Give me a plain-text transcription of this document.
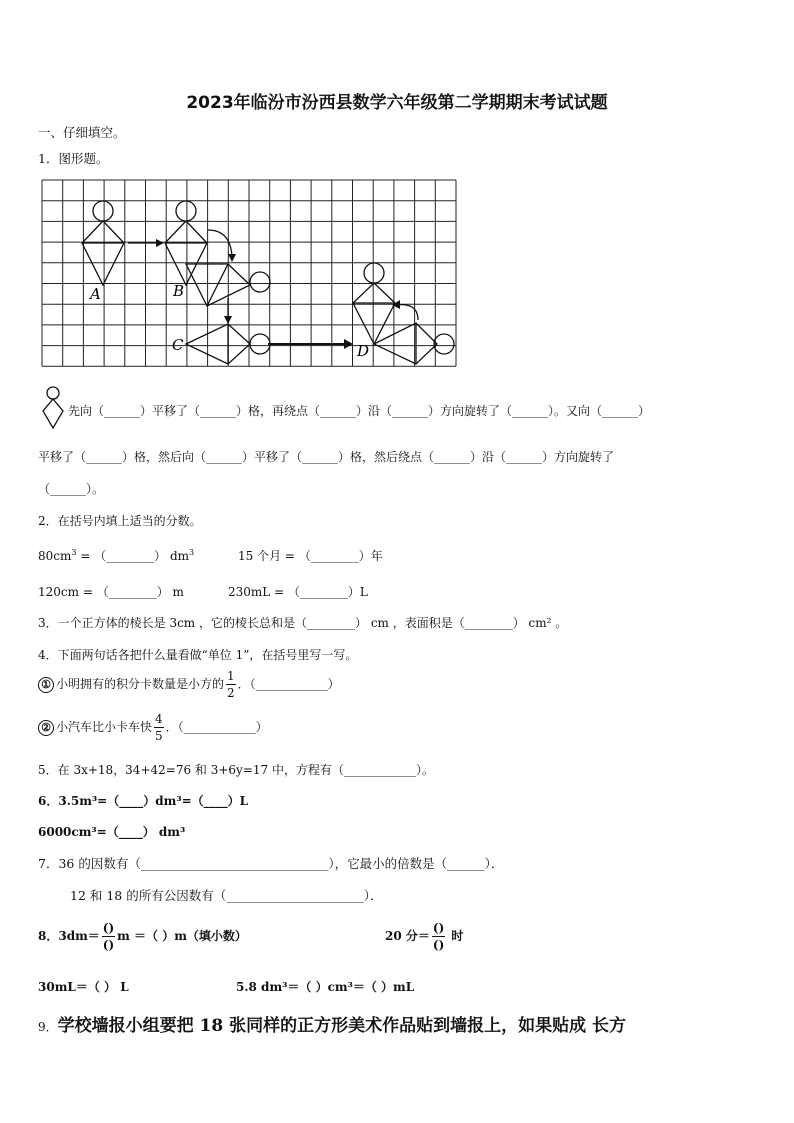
2023年临汾市汾西县数学六年级第二学期期末考试试题
一、仔细填空。
1．图形题。
A	B
C	D
先向（______）平移了（______）格，再绕点（______）沿（______）方向旋转了（______）。又向（______）
平移了（______）格，然后向（______）平移了（______）格，然后绕点（______）沿（______）方向旋转了
（______）。
2．在括号内填上适当的分数。
$80cm^3$ = （________） $dm^3$	15 个月 = （________）年
120cm = （________） m	230mL = （________）L
3．一个正方体的棱长是 3cm ，它的棱长总和是（________） cm ，表面积是（________） cm² 。
4．下面两句话各把什么量看做“单位 1”，在括号里写一写。
① 小明拥有的积分卡数量是小方的 $\frac{1}{2}$ ．（____________）
② 小汽车比小卡车快 $\frac{4}{5}$ ．（____________）
5．在 3x+18，34+42=76 和 3+6y=17 中，方程有（____________）。
6．3.5m³=（____）dm³=（____）L
6000cm³=（____） dm³
7．36 的因数有（______________________________），它最小的倍数是（______）．
12 和 18 的所有公因数有（______________________）．
8．$3dm= \frac{()}{()}$ m ＝（ ）m（填小数）	20 分＝ $\frac{()}{()}$ 时
30mL＝（ ） L	5.8 dm³＝（ ）cm³＝（ ）mL
9．学校墙报小组要把 18 张同样的正方形美术作品贴到墙报上，如果贴成 长方
